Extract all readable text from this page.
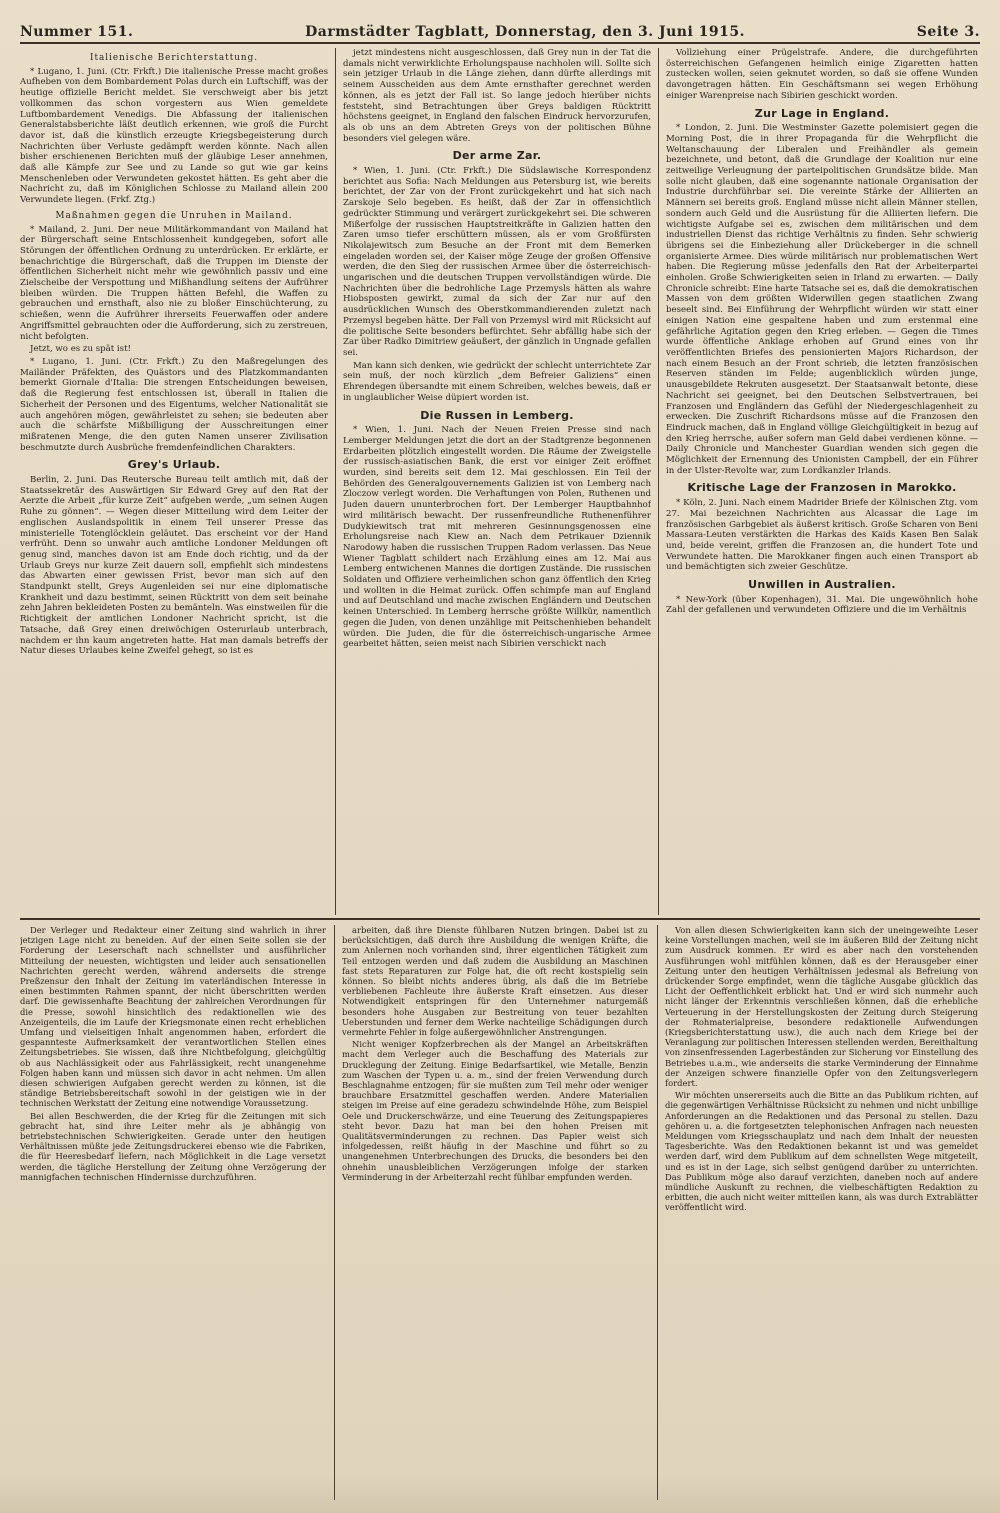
Nummer 151.	Darmstädter Tagblatt, Donnerstag, den 3. Juni 1915.	Seite 3.
Italienische Berichterstattung.

* Lugano, 1. Juni. (Ctr. Frkft.) Die italienische Presse macht großes Aufheben von dem Bombardement Polas durch ein Luftschiff, was der heutige offizielle Bericht meldet. Sie verschweigt aber bis jetzt vollkommen das schon vorgestern aus Wien gemeldete Luftbombardement Venedigs. Die Abfassung der italienischen Generalstabsberichte läßt deutlich erkennen, wie groß die Furcht davor ist, daß die künstlich erzeugte Kriegsbegeisterung durch Nachrichten über Verluste gedämpft werden könnte. Nach allen bisher erschienenen Berichten muß der gläubige Leser annehmen, daß alle Kämpfe zur See und zu Lande so gut wie gar keins Menschenleben oder Verwundeten gekostet hätten. Es geht aber die Nachricht zu, daß im Königlichen Schlosse zu Mailand allein 200 Verwundete liegen. (Frkf. Ztg.)

Maßnahmen gegen die Unruhen in Mailand.

* Mailand, 2. Juni. Der neue Militärkommandant von Mailand hat der Bürgerschaft seine Entschlossenheit kundgegeben, sofort alle Störungen der öffentlichen Ordnung zu unterdrücken. Er erklärte, er benachrichtige die Bürgerschaft, daß die Truppen im Dienste der öffentlichen Sicherheit nicht mehr wie gewöhnlich passiv und eine Zielscheibe der Verspottung und Mißhandlung seitens der Aufrührer bleiben würden. Die Truppen hätten Befehl, die Waffen zu gebrauchen und ernsthaft, also nie zu bloßer Einschüchterung, zu schießen, wenn die Aufrührer ihrerseits Feuerwaffen oder andere Angriffsmittel gebrauchten oder die Aufforderung, sich zu zerstreuen, nicht befolgten.

Jetzt, wo es zu spät ist!

* Lugano, 1. Juni. (Ctr. Frkft.) Zu den Maßregelungen des Mailänder Präfekten, des Quästors und des Platzkommandanten bemerkt Giornale d'Italia: Die strengen Entscheidungen beweisen, daß die Regierung fest entschlossen ist, überall in Italien die Sicherheit der Personen und des Eigentums, welcher Nationalität sie auch angehören mögen, gewährleistet zu sehen; sie bedeuten aber auch die schärfste Mißbilligung der Ausschreitungen einer mißratenen Menge, die den guten Namen unserer Zivilisation beschmutzte durch Ausbrüche fremdenfeindlichen Charakters.

Grey's Urlaub.

Berlin, 2. Juni. Das Reutersche Bureau teilt amtlich mit, daß der Staatssekretär des Auswärtigen Sir Edward Grey auf den Rat der Aerzte die Arbeit „für kurze Zeit“ aufgeben werde, „um seinen Augen Ruhe zu gönnen“. — Wegen dieser Mitteilung wird dem Leiter der englischen Auslandspolitik in einem Teil unserer Presse das ministerielle Totenglöcklein geläutet. Das erscheint vor der Hand verfrüht. Denn so unwahr auch amtliche Londoner Meldungen oft genug sind, manches davon ist am Ende doch richtig, und da der Urlaub Greys nur kurze Zeit dauern soll, empfiehlt sich mindestens das Abwarten einer gewissen Frist, bevor man sich auf den Standpunkt stellt, Greys Augenleiden sei nur eine diplomatische Krankheit und dazu bestimmt, seinen Rücktritt von dem seit beinahe zehn Jahren bekleideten Posten zu bemänteln. Was einstweilen für die Richtigkeit der amtlichen Londoner Nachricht spricht, ist die Tatsache, daß Grey einen dreiwöchigen Osterurlaub unterbrach, nachdem er ihn kaum angetreten hatte. Hat man damals betreffs der Natur dieses Urlaubes keine Zweifel gehegt, so ist es

jetzt mindestens nicht ausgeschlossen, daß Grey nun in der Tat die damals nicht verwirklichte Erholungspause nachholen will. Sollte sich sein jetziger Urlaub in die Länge ziehen, dann dürfte allerdings mit seinem Ausscheiden aus dem Amte ernsthafter gerechnet werden können, als es jetzt der Fall ist. So lange jedoch hierüber nichts feststeht, sind Betrachtungen über Greys baldigen Rücktritt höchstens geeignet, in England den falschen Eindruck hervorzurufen, als ob uns an dem Abtreten Greys von der politischen Bühne besonders viel gelegen wäre.

Der arme Zar.

* Wien, 1. Juni. (Ctr. Frkft.) Die Südslawische Korrespondenz berichtet aus Sofia: Nach Meldungen aus Petersburg ist, wie bereits berichtet, der Zar von der Front zurückgekehrt und hat sich nach Zarskoje Selo begeben. Es heißt, daß der Zar in offensichtlich gedrückter Stimmung und verärgert zurückgekehrt sei. Die schweren Mißerfolge der russischen Hauptstreitkräfte in Galizien hatten den Zaren umso tiefer erschüttern müssen, als er vom Großfürsten Nikolajewitsch zum Besuche an der Front mit dem Bemerken eingeladen worden sei, der Kaiser möge Zeuge der großen Offensive werden, die den Sieg der russischen Armee über die österreichisch-ungarischen und die deutschen Truppen vervollständigen würde. Die Nachrichten über die bedrohliche Lage Przemysls hätten als wahre Hiobsposten gewirkt, zumal da sich der Zar nur auf den ausdrücklichen Wunsch des Oberstkommandierenden zuletzt nach Przemysl begeben hätte. Der Fall von Przemysl wird mit Rücksicht auf die politische Seite besonders befürchtet. Sehr abfällig habe sich der Zar über Radko Dimitriew geäußert, der gänzlich in Ungnade gefallen sei.

Man kann sich denken, wie gedrückt der schlecht unterrichtete Zar sein muß, der noch kürzlich „dem Befreier Galiziens“ einen Ehrendegen übersandte mit einem Schreiben, welches beweis, daß er in unglaublicher Weise düpiert worden ist.

Die Russen in Lemberg.

* Wien, 1. Juni. Nach der Neuen Freien Presse sind nach Lemberger Meldungen jetzt die dort an der Stadtgrenze begonnenen Erdarbeiten plötzlich eingestellt worden. Die Räume der Zweigstelle der russisch-asiatischen Bank, die erst vor einiger Zeit eröffnet wurden, sind bereits seit dem 12. Mai geschlossen. Ein Teil der Behörden des Generalgouvernements Galizien ist von Lemberg nach Zloczow verlegt worden. Die Verhaftungen von Polen, Ruthenen und Juden dauern ununterbrochen fort. Der Lemberger Hauptbahnhof wird militärisch bewacht. Der russenfreundliche Ruthenenführer Dudykiewitsch trat mit mehreren Gesinnungsgenossen eine Erholungsreise nach Kiew an. Nach dem Petrikauer Dziennik Narodowy haben die russischen Truppen Radom verlassen. Das Neue Wiener Tagblatt schildert nach Erzählung eines am 12. Mai aus Lemberg entwichenen Mannes die dortigen Zustände. Die russischen Soldaten und Offiziere verheimlichen schon ganz öffentlich den Krieg und wollten in die Heimat zurück. Offen schimpfe man auf England und auf Deutschland und mache zwischen Engländern und Deutschen keinen Unterschied. In Lemberg herrsche größte Willkür, namentlich gegen die Juden, von denen unzählige mit Peitschenhieben behandelt würden. Die Juden, die für die österreichisch-ungarische Armee gearbeitet hätten, seien meist nach Sibirien verschickt nach

Vollziehung einer Prügelstrafe. Andere, die durchgeführten österreichischen Gefangenen heimlich einige Zigaretten hatten zustecken wollen, seien geknutet worden, so daß sie offene Wunden davongetragen hätten. Ein Geschäftsmann sei wegen Erhöhung einiger Warenpreise nach Sibirien geschickt worden.

Zur Lage in England.

* London, 2. Juni. Die Westminster Gazette polemisiert gegen die Morning Post, die in ihrer Propaganda für die Wehrpflicht die Weltanschauung der Liberalen und Freihändler als gemein bezeichnete, und betont, daß die Grundlage der Koalition nur eine zeitweilige Verleugnung der parteipolitischen Grundsätze bilde. Man solle nicht glauben, daß eine sogenannte nationale Organisation der Industrie durchführbar sei. Die vereinte Stärke der Alliierten an Männern sei bereits groß. England müsse nicht allein Männer stellen, sondern auch Geld und die Ausrüstung für die Alliierten liefern. Die wichtigste Aufgabe sei es, zwischen dem militärischen und dem industriellen Dienst das richtige Verhältnis zu finden. Sehr schwierig übrigens sei die Einbeziehung aller Drückeberger in die schnell organisierte Armee. Dies würde militärisch nur problematischen Wert haben. Die Regierung müsse jedenfalls den Rat der Arbeiterpartei einholen. Große Schwierigkeiten seien in Irland zu erwarten. — Daily Chronicle schreibt: Eine harte Tatsache sei es, daß die demokratischen Massen von dem größten Widerwillen gegen staatlichen Zwang beseelt sind. Bei Einführung der Wehrpflicht würden wir statt einer einigen Nation eine gespaltene haben und zum erstenmal eine gefährliche Agitation gegen den Krieg erleben. — Gegen die Times wurde öffentliche Anklage erhoben auf Grund eines von ihr veröffentlichten Briefes des pensionierten Majors Richardson, der nach einem Besuch an der Front schrieb, die letzten französischen Reserven ständen im Felde; augenblicklich würden junge, unausgebildete Rekruten ausgesetzt. Der Staatsanwalt betonte, diese Nachricht sei geeignet, bei den Deutschen Selbstvertrauen, bei Franzosen und Engländern das Gefühl der Niedergeschlagenheit zu erwecken. Die Zuschrift Richardsons müsse auf die Franzosen den Eindruck machen, daß in England völlige Gleichgültigkeit in bezug auf den Krieg herrsche, außer sofern man Geld dabei verdienen könne. — Daily Chronicle und Manchester Guardian wenden sich gegen die Möglichkeit der Ernennung des Unionisten Campbell, der ein Führer in der Ulster-Revolte war, zum Lordkanzler Irlands.

Kritische Lage der Franzosen in Marokko.

* Köln, 2. Juni. Nach einem Madrider Briefe der Kölnischen Ztg. vom 27. Mai bezeichnen Nachrichten aus Alcassar die Lage im französischen Garbgebiet als äußerst kritisch. Große Scharen von Beni Massara-Leuten verstärkten die Harkas des Kaids Kasen Ben Salak und, beide vereint, griffen die Franzosen an, die hundert Tote und Verwundete hatten. Die Marokkaner fingen auch einen Transport ab und bemächtigten sich zweier Geschütze.

Unwillen in Australien.

* New-York (über Kopenhagen), 31. Mai. Die ungewöhnlich hohe Zahl der gefallenen und verwundeten Offiziere und die im Verhältnis

Der Verleger und Redakteur einer Zeitung sind wahrlich in ihrer jetzigen Lage nicht zu beneiden. Auf der einen Seite sollen sie der Forderung der Leserschaft nach schnellster und ausführlicher Mitteilung der neuesten, wichtigsten und leider auch sensationellen Nachrichten gerecht werden, während anderseits die strenge Preßzensur den Inhalt der Zeitung im vaterländischen Interesse in einen bestimmten Rahmen spannt, der nicht überschritten werden darf. Die gewissenhafte Beachtung der zahlreichen Verordnungen für die Presse, sowohl hinsichtlich des redaktionellen wie des Anzeigenteils, die im Laufe der Kriegsmonate einen recht erheblichen Umfang und vielseitigen Inhalt angenommen haben, erfordert die gespannteste Aufmerksamkeit der verantwortlichen Stellen eines Zeitungsbetriebes. Sie wissen, daß ihre Nichtbefolgung, gleichgültig ob aus Nachlässigkeit oder aus Fahrlässigkeit, recht unangenehme Folgen haben kann und müssen sich davor in acht nehmen. Um allen diesen schwierigen Aufgaben gerecht werden zu können, ist die ständige Betriebsbereitschaft sowohl in der geistigen wie in der technischen Werkstatt der Zeitung eine notwendige Voraussetzung.

Bei allen Beschwerden, die der Krieg für die Zeitungen mit sich gebracht hat, sind ihre Leiter mehr als je abhängig von betriebstechnischen Schwierigkeiten. Gerade unter den heutigen Verhältnissen müßte jede Zeitungsdruckerei ebenso wie die Fabriken, die für Heeresbedarf liefern, nach Möglichkeit in die Lage versetzt werden, die tägliche Herstellung der Zeitung ohne Verzögerung der mannigfachen technischen Hindernisse durchzuführen.

arbeiten, daß ihre Dienste fühlbaren Nutzen bringen. Dabei ist zu berücksichtigen, daß durch ihre Ausbildung die wenigen Kräfte, die zum Anlernen noch vorhanden sind, ihrer eigentlichen Tätigkeit zum Teil entzogen werden und daß zudem die Ausbildung an Maschinen fast stets Reparaturen zur Folge hat, die oft recht kostspielig sein können. So bleibt nichts anderes übrig, als daß die im Betriebe verbliebenen Fachleute ihre äußerste Kraft einsetzen. Aus dieser Notwendigkeit entspringen für den Unternehmer naturgemäß besonders hohe Ausgaben zur Bestreitung von teuer bezahlten Ueberstunden und ferner dem Werke nachteilige Schädigungen durch vermehrte Fehler in folge außergewöhnlicher Anstrengungen.

Nicht weniger Kopfzerbrechen als der Mangel an Arbeitskräften macht dem Verleger auch die Beschaffung des Materials zur Drucklegung der Zeitung. Einige Bedarfsartikel, wie Metalle, Benzin zum Waschen der Typen u. a. m., sind der freien Verwendung durch Beschlagnahme entzogen; für sie mußten zum Teil mehr oder weniger brauchbare Ersatzmittel geschaffen werden. Andere Materialien steigen im Preise auf eine geradezu schwindelnde Höhe, zum Beispiel Oele und Druckerschwärze, und eine Teuerung des Zeitungspapieres steht bevor. Dazu hat man bei den hohen Preisen mit Qualitätsverminderungen zu rechnen. Das Papier weist sich infolgedessen, reißt häufig in der Maschine und führt so zu unangenehmen Unterbrechungen des Drucks, die besonders bei den ohnehin unausbleiblichen Verzögerungen infolge der starken Verminderung in der Arbeiterzahl recht fühlbar empfunden werden.

Von allen diesen Schwierigkeiten kann sich der uneingeweihte Leser keine Vorstellungen machen, weil sie im äußeren Bild der Zeitung nicht zum Ausdruck kommen. Er wird es aber nach den vorstehenden Ausführungen wohl mitfühlen können, daß es der Herausgeber einer Zeitung unter den heutigen Verhältnissen jedesmal als Befreiung von drückender Sorge empfindet, wenn die tägliche Ausgabe glücklich das Licht der Oeffentlichkeit erblickt hat. Und er wird sich nunmehr auch nicht länger der Erkenntnis verschließen können, daß die erhebliche Verteuerung in der Herstellungskosten der Zeitung durch Steigerung der Rohmaterialpreise, besondere redaktionelle Aufwendungen (Kriegsberichterstattung usw.), die auch nach dem Kriege bei der Veranlagung zur politischen Interessen stellenden werden, Bereithaltung von zinsenfressenden Lagerbeständen zur Sicherung vor Einstellung des Betriebes u.a.m., wie anderseits die starke Verminderung der Einnahme der Anzeigen schwere finanzielle Opfer von den Zeitungsverlegern fordert.

Wir möchten unsererseits auch die Bitte an das Publikum richten, auf die gegenwärtigen Verhältnisse Rücksicht zu nehmen und nicht unbillige Anforderungen an die Redaktionen und das Personal zu stellen. Dazu gehören u. a. die fortgesetzten telephonischen Anfragen nach neuesten Meldungen vom Kriegsschauplatz und nach dem Inhalt der neuesten Tagesberichte. Was den Redaktionen bekannt ist und was gemeldet werden darf, wird dem Publikum auf dem schnellsten Wege mitgeteilt, und es ist in der Lage, sich selbst genügend darüber zu unterrichten. Das Publikum möge also darauf verzichten, daneben noch auf andere mündliche Auskunft zu rechnen, die vielbeschäftigten Redaktion zu erbitten, die auch nicht weiter mitteilen kann, als was durch Extrablätter veröffentlicht wird.
